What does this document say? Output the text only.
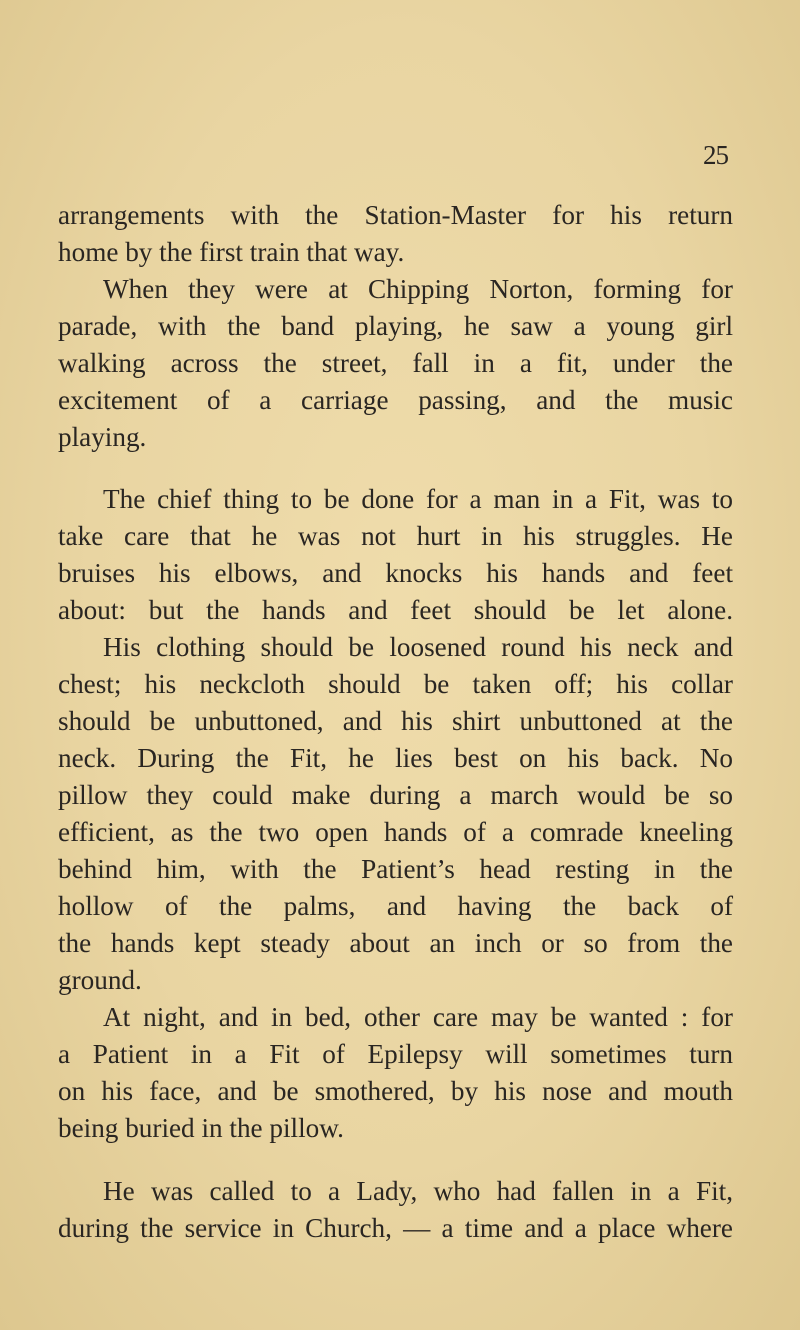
25
arrangements with the Station-Master for his return
home by the first train that way.
When they were at Chipping Norton, forming for
parade, with the band playing, he saw a young girl
walking across the street, fall in a fit, under the
excitement of a carriage passing, and the music
playing.
The chief thing to be done for a man in a Fit, was to
take care that he was not hurt in his struggles. He
bruises his elbows, and knocks his hands and feet
about: but the hands and feet should be let alone.
His clothing should be loosened round his neck and
chest; his neckcloth should be taken off; his collar
should be unbuttoned, and his shirt unbuttoned at the
neck. During the Fit, he lies best on his back. No
pillow they could make during a march would be so
efficient, as the two open hands of a comrade kneeling
behind him, with the Patient’s head resting in the
hollow of the palms, and having the back of
the hands kept steady about an inch or so from the
ground.
At night, and in bed, other care may be wanted : for
a Patient in a Fit of Epilepsy will sometimes turn
on his face, and be smothered, by his nose and mouth
being buried in the pillow.
He was called to a Lady, who had fallen in a Fit,
during the service in Church, — a time and a place where
